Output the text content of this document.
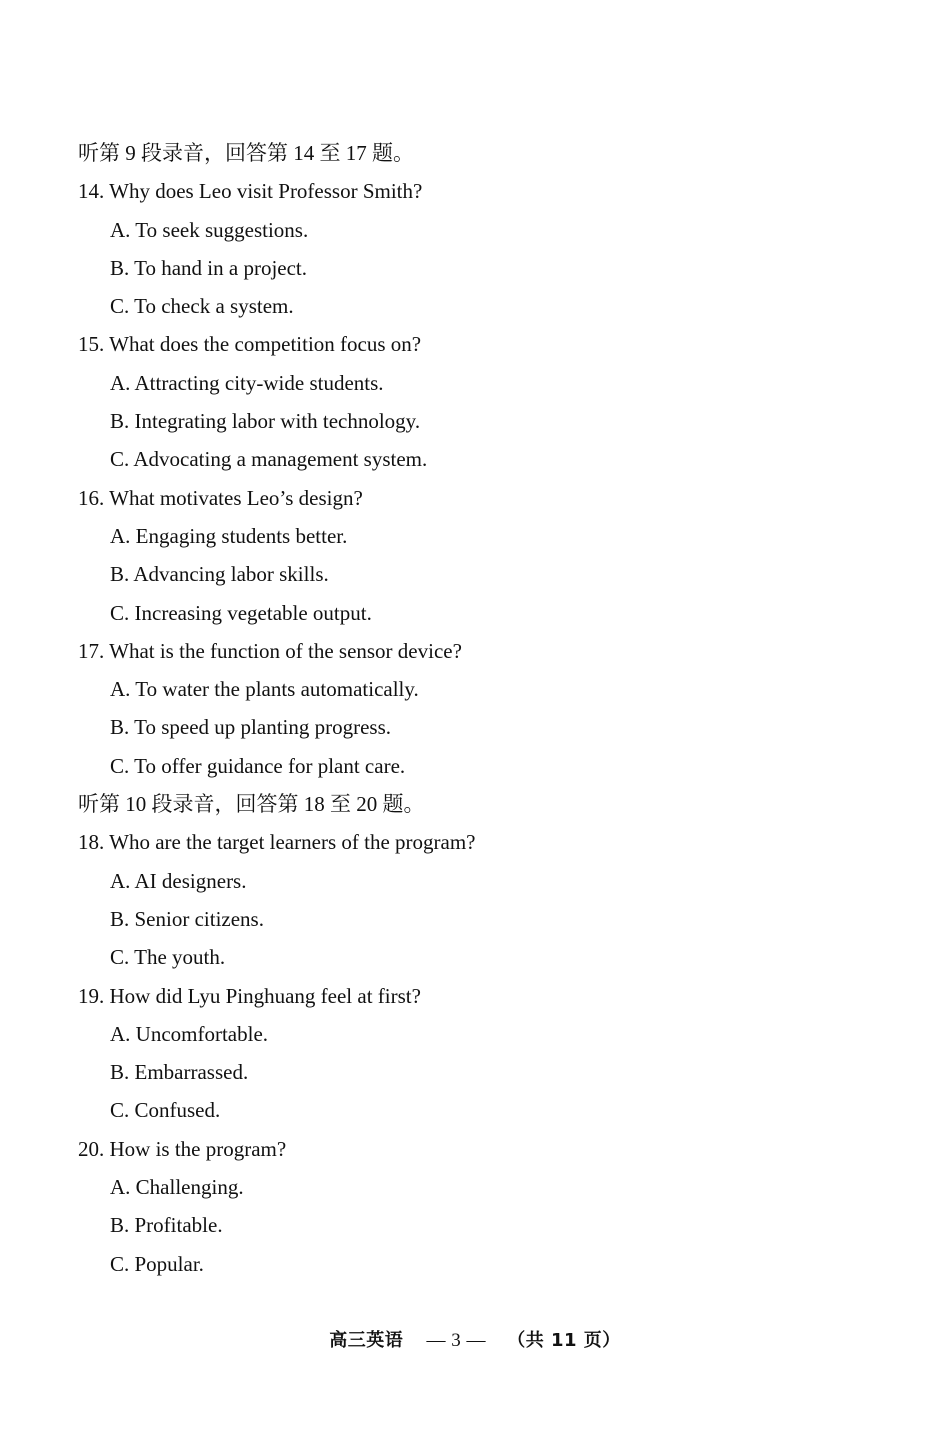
听第 9 段录音，回答第 14 至 17 题。
14. Why does Leo visit Professor Smith?
A. To seek suggestions.
B. To hand in a project.
C. To check a system.
15. What does the competition focus on?
A. Attracting city-wide students.
B. Integrating labor with technology.
C. Advocating a management system.
16. What motivates Leo’s design?
A. Engaging students better.
B. Advancing labor skills.
C. Increasing vegetable output.
17. What is the function of the sensor device?
A. To water the plants automatically.
B. To speed up planting progress.
C. To offer guidance for plant care.
听第 10 段录音，回答第 18 至 20 题。
18. Who are the target learners of the program?
A. AI designers.
B. Senior citizens.
C. The youth.
19. How did Lyu Pinghuang feel at first?
A. Uncomfortable.
B. Embarrassed.
C. Confused.
20. How is the program?
A. Challenging.
B. Profitable.
C. Popular.
高三英语 — 3 — （共 11 页）
